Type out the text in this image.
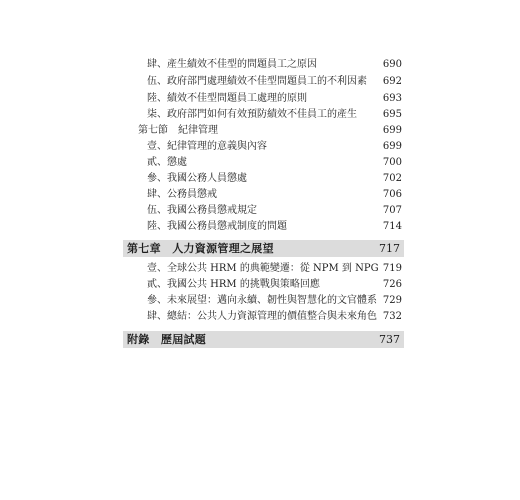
肆、產生績效不佳型的問題員工之原因	690
伍、政府部門處理績效不佳型問題員工的不利因素 692
陸、績效不佳型問題員工處理的原則	693
柒、政府部門如何有效預防績效不佳員工的產生	695
第七節　紀律管理	699
壹、紀律管理的意義與內容	699
貳、懲處	700
參、我國公務人員懲處	702
肆、公務員懲戒	706
伍、我國公務員懲戒規定	707
陸、我國公務員懲戒制度的問題	714
第七章　人力資源管理之展望	717
壹、全球公共 HRM 的典範變遷：從 NPM 到 NPG 719
貳、我國公共 HRM 的挑戰與策略回應	726
參、未來展望：邁向永續、韌性與智慧化的文官體系 729
肆、總結：公共人力資源管理的價值整合與未來角色 732
附錄　歷屆試題	737
